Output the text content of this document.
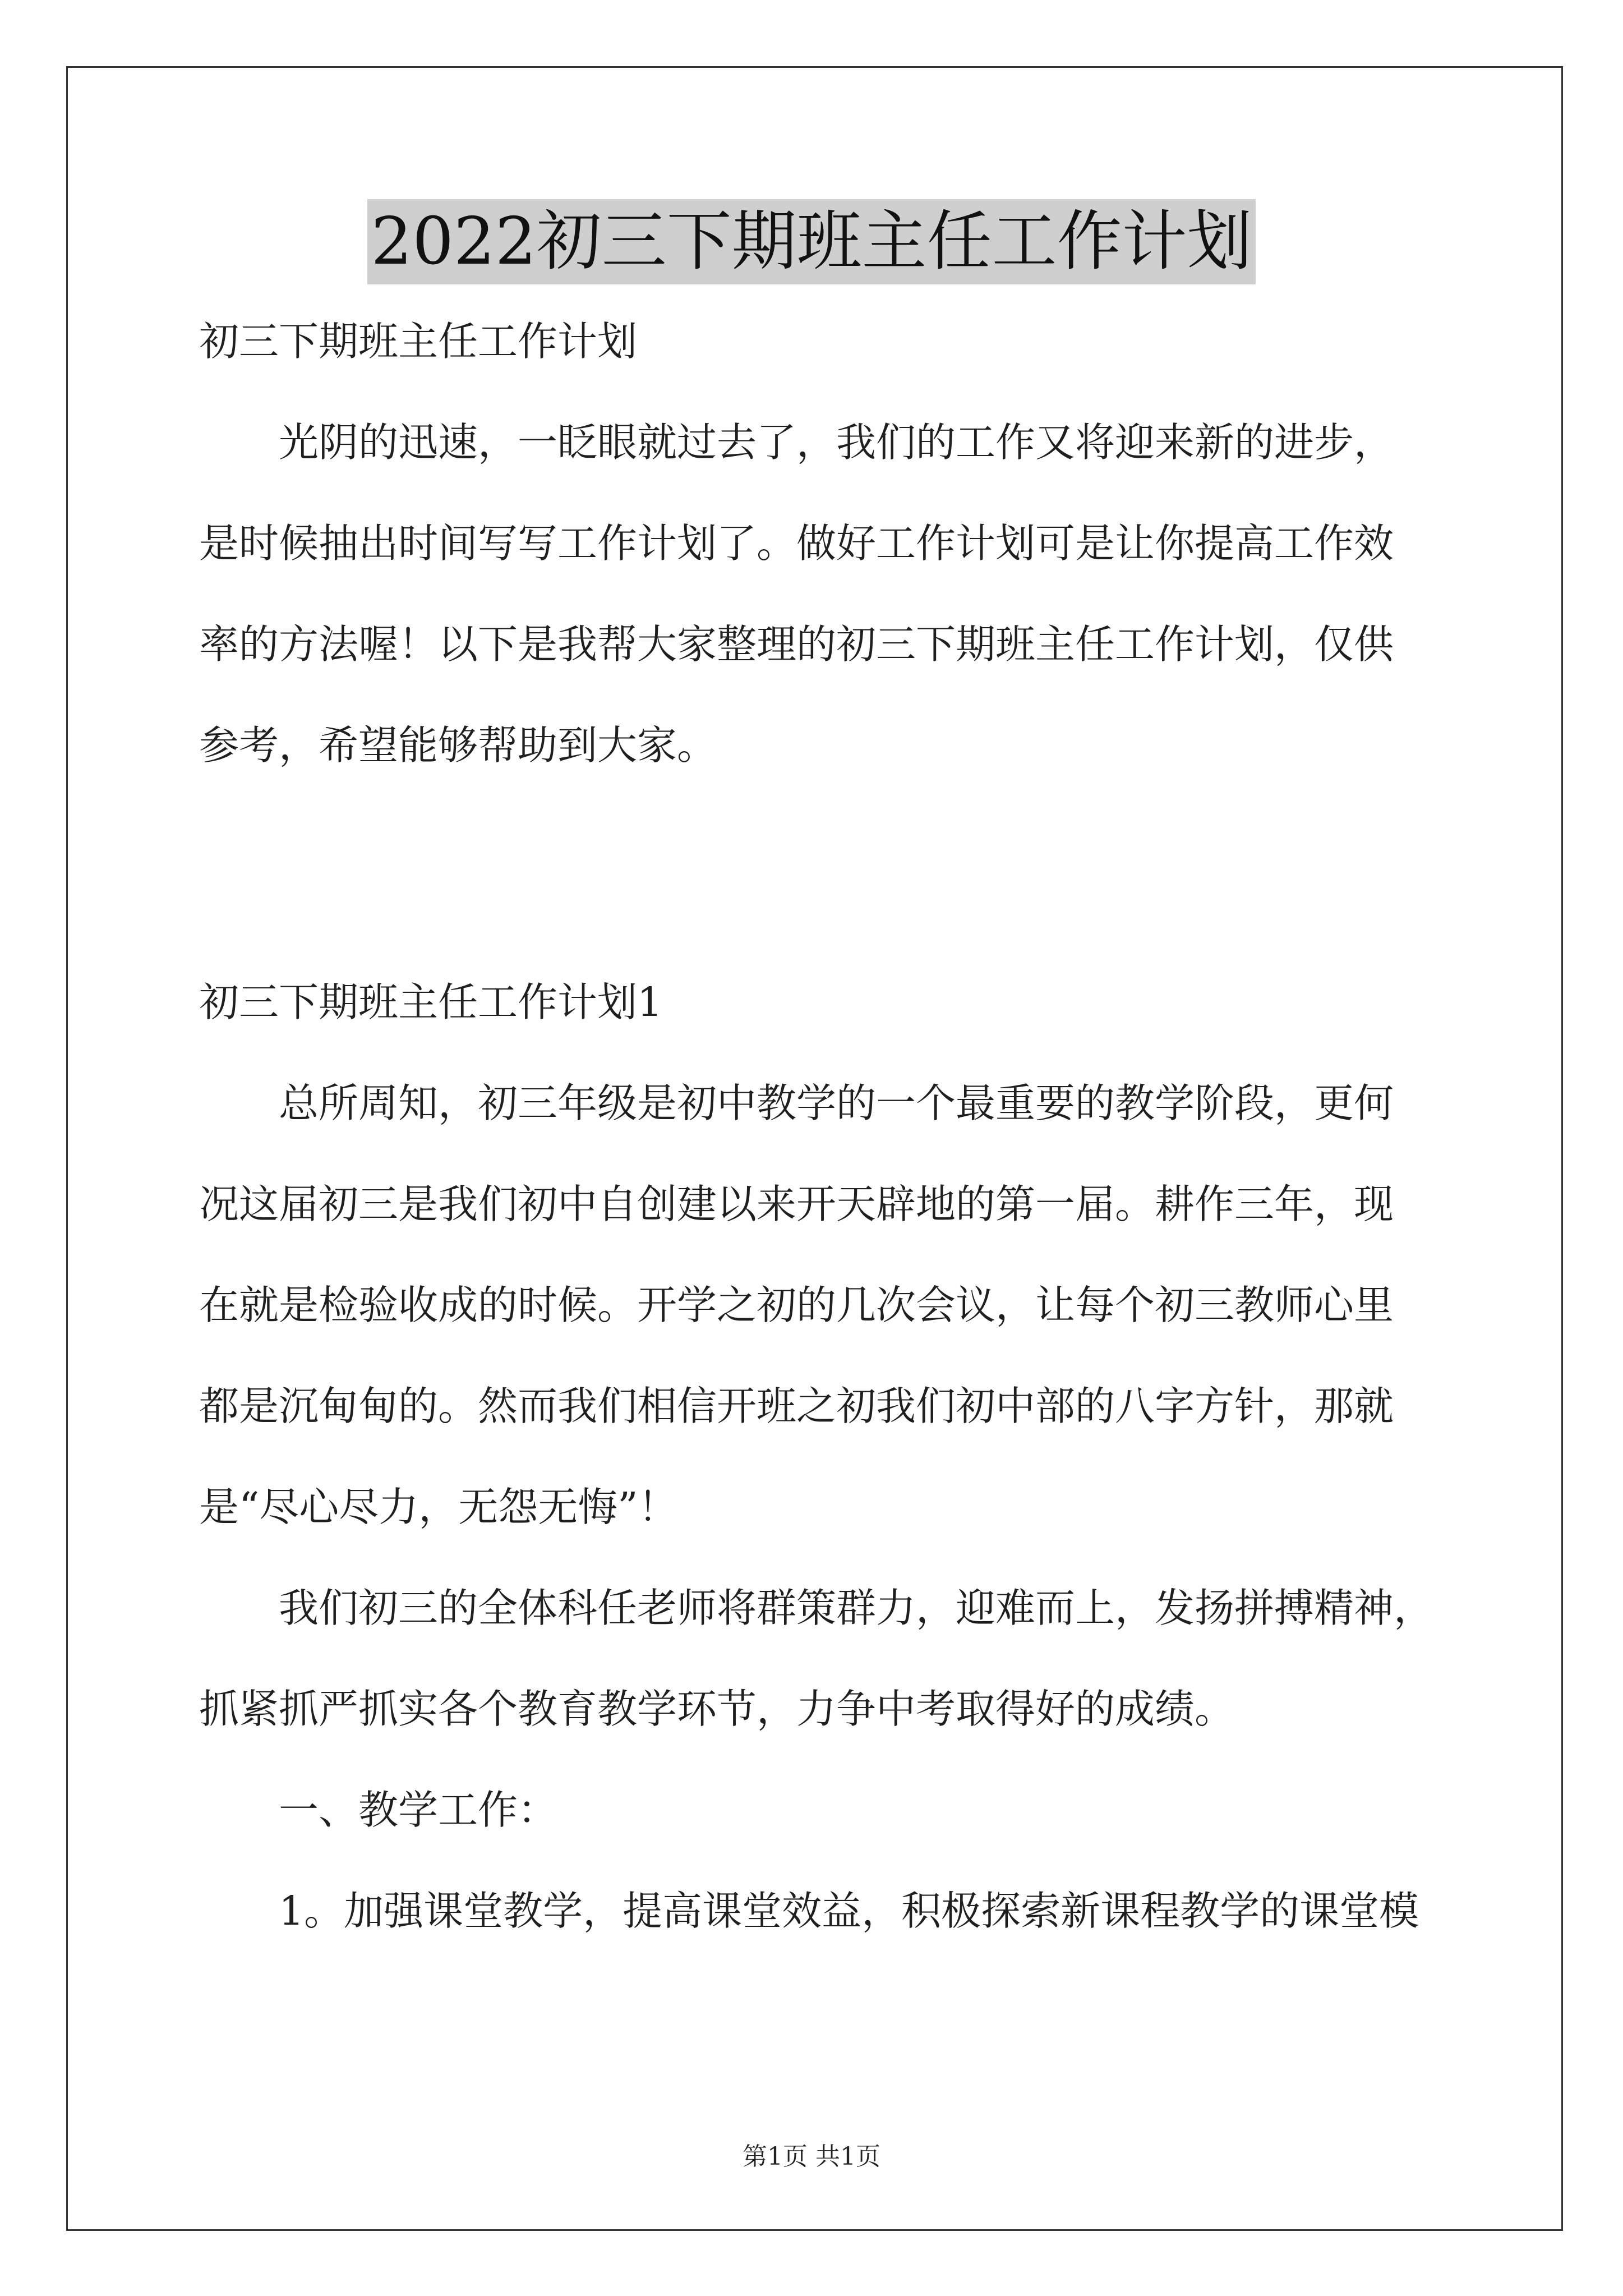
2022初三下期班主任工作计划
初三下期班主任工作计划
光阴的迅速，一眨眼就过去了，我们的工作又将迎来新的进步，
是时候抽出时间写写工作计划了。做好工作计划可是让你提高工作效
率的方法喔！以下是我帮大家整理的初三下期班主任工作计划，仅供
参考，希望能够帮助到大家。
初三下期班主任工作计划1
总所周知，初三年级是初中教学的一个最重要的教学阶段，更何
况这届初三是我们初中自创建以来开天辟地的第一届。耕作三年，现
在就是检验收成的时候。开学之初的几次会议，让每个初三教师心里
都是沉甸甸的。然而我们相信开班之初我们初中部的八字方针，那就
是“尽心尽力，无怨无悔”！
我们初三的全体科任老师将群策群力，迎难而上，发扬拼搏精神，
抓紧抓严抓实各个教育教学环节，力争中考取得好的成绩。
一、教学工作：
1。加强课堂教学，提高课堂效益，积极探索新课程教学的课堂模
第1页 共1页
